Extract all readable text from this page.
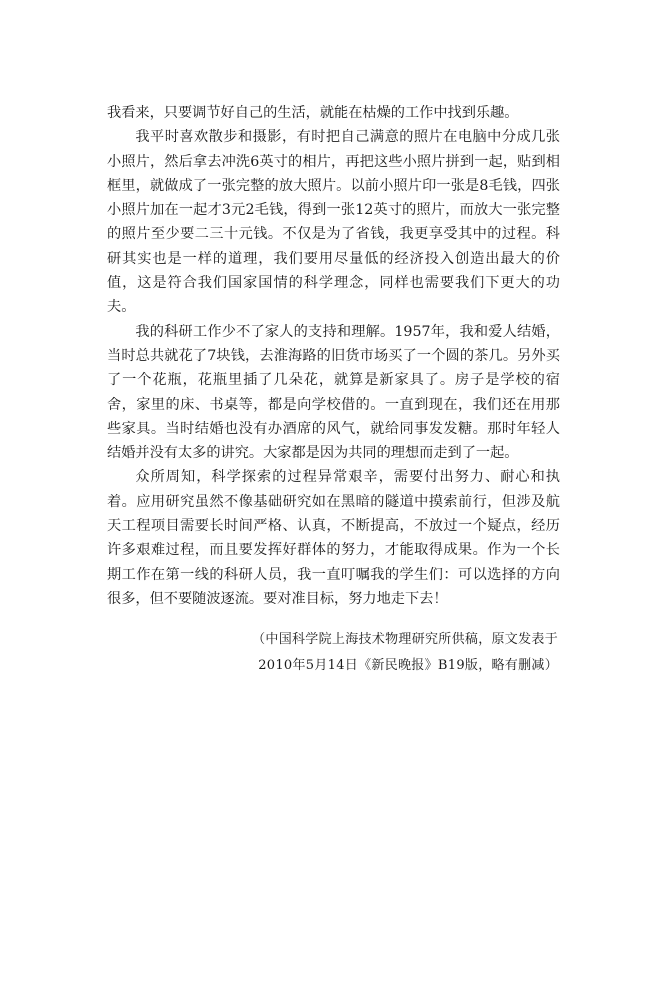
我看来，只要调节好自己的生活，就能在枯燥的工作中找到乐趣。

我平时喜欢散步和摄影，有时把自己满意的照片在电脑中分成几张小照片，然后拿去冲洗6英寸的相片，再把这些小照片拼到一起，贴到相框里，就做成了一张完整的放大照片。以前小照片印一张是8毛钱，四张小照片加在一起才3元2毛钱，得到一张12英寸的照片，而放大一张完整的照片至少要二三十元钱。不仅是为了省钱，我更享受其中的过程。科研其实也是一样的道理，我们要用尽量低的经济投入创造出最大的价值，这是符合我们国家国情的科学理念，同样也需要我们下更大的功夫。

我的科研工作少不了家人的支持和理解。1957年，我和爱人结婚，当时总共就花了7块钱，去淮海路的旧货市场买了一个圆的茶几。另外买了一个花瓶，花瓶里插了几朵花，就算是新家具了。房子是学校的宿舍，家里的床、书桌等，都是向学校借的。一直到现在，我们还在用那些家具。当时结婚也没有办酒席的风气，就给同事发发糖。那时年轻人结婚并没有太多的讲究。大家都是因为共同的理想而走到了一起。

众所周知，科学探索的过程异常艰辛，需要付出努力、耐心和执着。应用研究虽然不像基础研究如在黑暗的隧道中摸索前行，但涉及航天工程项目需要长时间严格、认真，不断提高，不放过一个疑点，经历许多艰难过程，而且要发挥好群体的努力，才能取得成果。作为一个长期工作在第一线的科研人员，我一直叮嘱我的学生们：可以选择的方向很多，但不要随波逐流。要对准目标，努力地走下去！

（中国科学院上海技术物理研究所供稿，原文发表于
2010年5月14日《新民晚报》B19版，略有删减）
